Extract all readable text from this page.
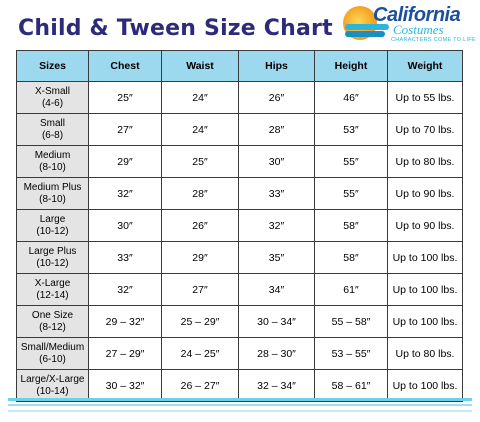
Child & Tween Size Chart
California
Costumes
CHARACTERS COME TO LIFE
Sizes	Chest	Waist	Hips	Height	Weight

X-Small
(4-6)	25″	24″	26″	46″	Up to 55 lbs.

Small
(6-8)	27″	24″	28″	53″	Up to 70 lbs.

Medium
(8-10)	29″	25″	30″	55″	Up to 80 lbs.

Medium Plus
(8-10)	32″	28″	33″	55″	Up to 90 lbs.

Large
(10-12)	30″	26″	32″	58″	Up to 90 lbs.

Large Plus
(10-12)	33″	29″	35″	58″	Up to 100 lbs.

X-Large
(12-14)	32″	27″	34″	61″	Up to 100 lbs.

One Size
(8-12)	29 – 32″	25 – 29″	30 – 34″	55 – 58″	Up to 100 lbs.

Small/Medium
(6-10)	27 – 29″	24 – 25″	28 – 30″	53 – 55″	Up to 80 lbs.

Large/X-Large
(10-14)	30 – 32″	26 – 27″	32 – 34″	58 – 61″	Up to 100 lbs.
